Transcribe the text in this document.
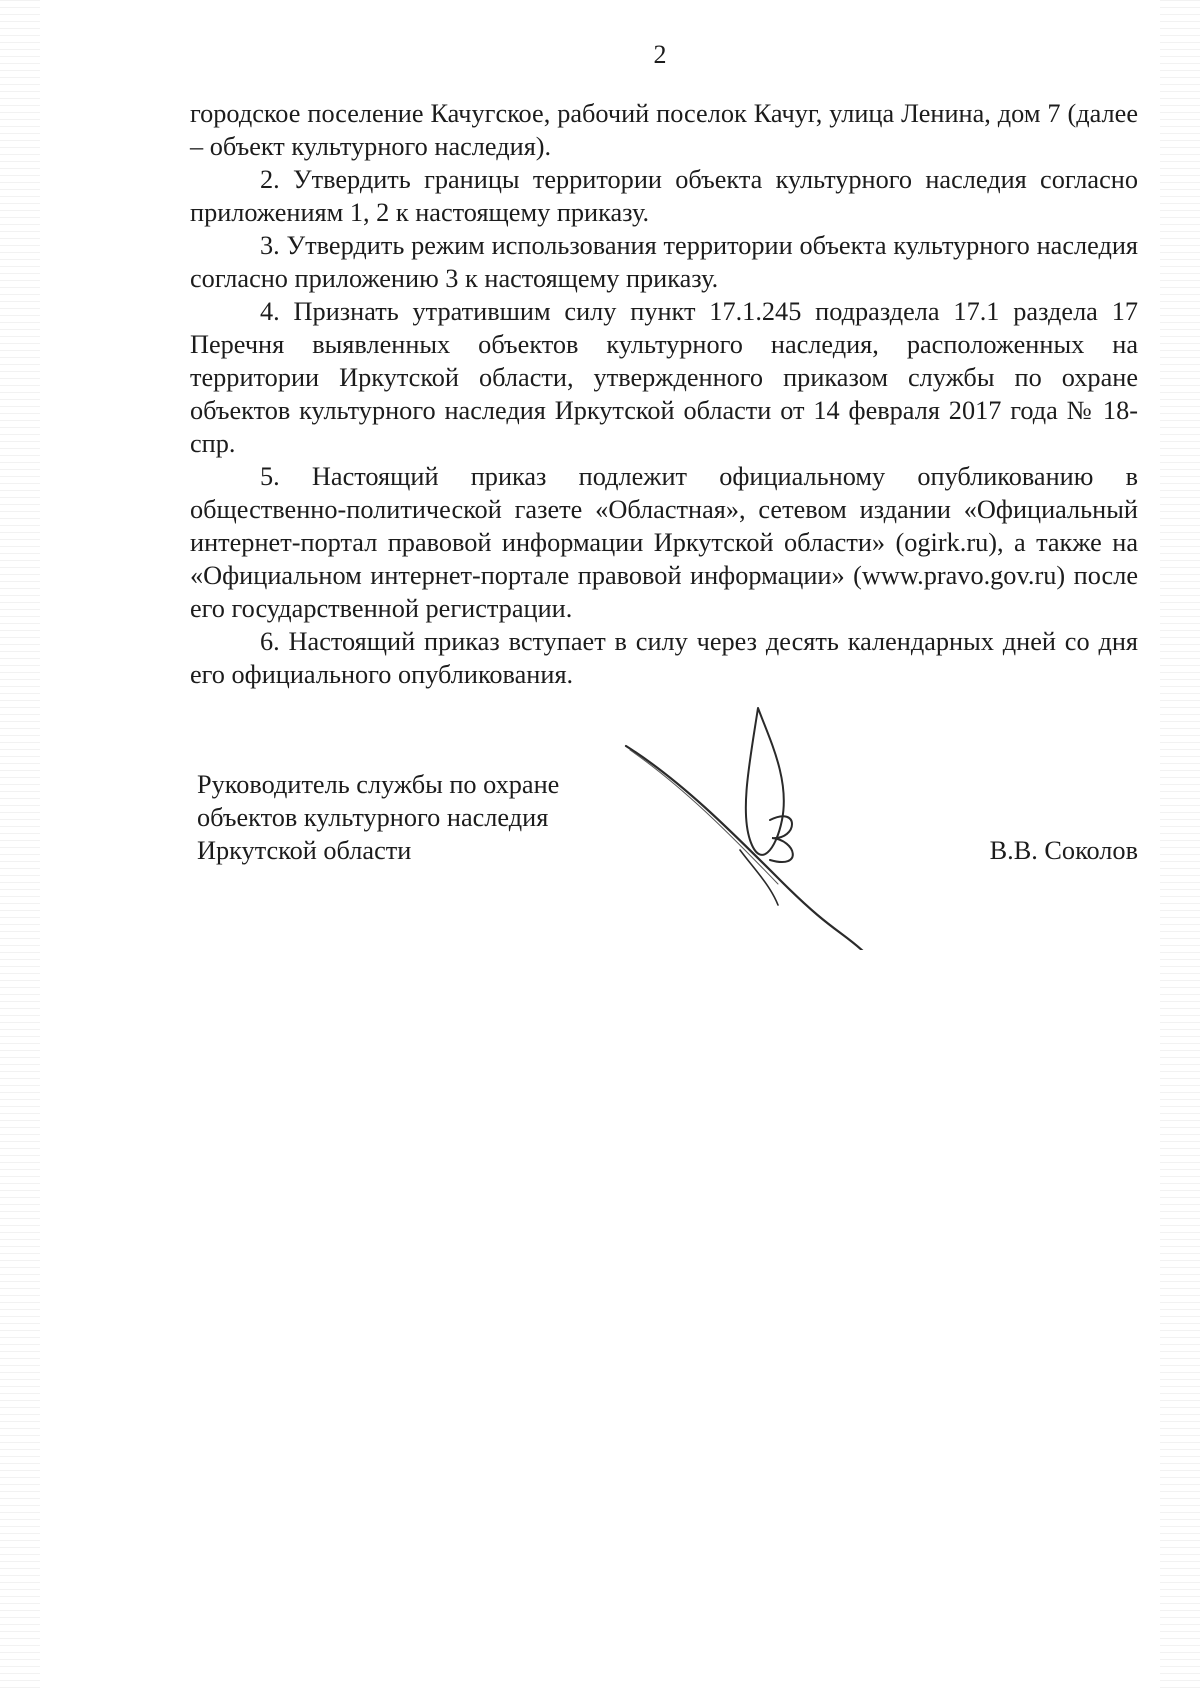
2

городское поселение Качугское, рабочий поселок Качуг, улица Ленина, дом 7 (далее – объект культурного наследия).

2. Утвердить границы территории объекта культурного наследия согласно приложениям 1, 2 к настоящему приказу.

3. Утвердить режим использования территории объекта культурного наследия согласно приложению 3 к настоящему приказу.

4. Признать утратившим силу пункт 17.1.245 подраздела 17.1 раздела 17 Перечня выявленных объектов культурного наследия, расположенных на территории Иркутской области, утвержденного приказом службы по охране объектов культурного наследия Иркутской области от 14 февраля 2017 года № 18-спр.

5. Настоящий приказ подлежит официальному опубликованию в общественно-политической газете «Областная», сетевом издании «Официальный интернет-портал правовой информации Иркутской области» (ogirk.ru), а также на «Официальном интернет-портале правовой информации» (www.pravo.gov.ru) после его государственной регистрации.

6. Настоящий приказ вступает в силу через десять календарных дней со дня его официального опубликования.

Руководитель службы по охране
объектов культурного наследия
Иркутской области	В.В. Соколов
